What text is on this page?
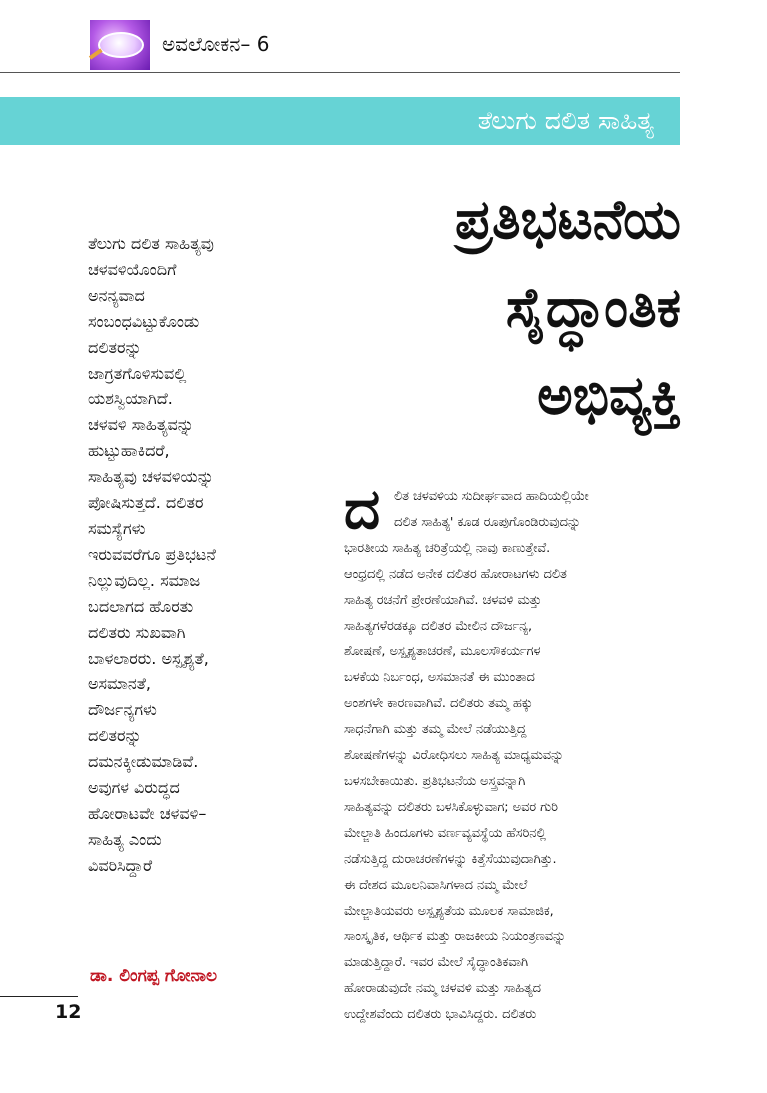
ಅವಲೋಕನ– 6
ತೆಲುಗು ದಲಿತ ಸಾಹಿತ್ಯ
ಪ್ರತಿಭಟನೆಯ
ಸೈದ್ಧಾಂತಿಕ
ಅಭಿವ್ಯಕ್ತಿ
ತೆಲುಗು ದಲಿತ ಸಾಹಿತ್ಯವು
ಚಳವಳಿಯೊಂದಿಗೆ
ಅನನ್ಯವಾದ
ಸಂಬಂಧವಿಟ್ಟುಕೊಂಡು
ದಲಿತರನ್ನು
ಜಾಗ್ರತಗೊಳಿಸುವಲ್ಲಿ
ಯಶಸ್ವಿಯಾಗಿದೆ.
ಚಳವಳಿ ಸಾಹಿತ್ಯವನ್ನು
ಹುಟ್ಟುಹಾಕಿದರೆ,
ಸಾಹಿತ್ಯವು ಚಳವಳಿಯನ್ನು
ಪೋಷಿಸುತ್ತದೆ. ದಲಿತರ
ಸಮಸ್ಯೆಗಳು
ಇರುವವರೆಗೂ ಪ್ರತಿಭಟನೆ
ನಿಲ್ಲುವುದಿಲ್ಲ. ಸಮಾಜ
ಬದಲಾಗದ ಹೊರತು
ದಲಿತರು ಸುಖವಾಗಿ
ಬಾಳಲಾರರು. ಅಸ್ಪೃಶ್ಯತೆ,
ಅಸಮಾನತೆ,
ದೌರ್ಜನ್ಯಗಳು
ದಲಿತರನ್ನು
ದಮನಕ್ಕೀಡುಮಾಡಿವೆ.
ಅವುಗಳ ವಿರುದ್ಧದ
ಹೋರಾಟವೇ ಚಳವಳಿ–
ಸಾಹಿತ್ಯ ಎಂದು
ವಿವರಿಸಿದ್ದಾರೆ
ಡಾ. ಲಿಂಗಪ್ಪ ಗೋನಾಲ
ದ	ಲಿತ ಚಳವಳಿಯ ಸುದೀರ್ಘವಾದ ಹಾದಿಯಲ್ಲಿಯೇ
ದಲಿತ ಸಾಹಿತ್ಯ' ಕೂಡ ರೂಪುಗೊಂಡಿರುವುದನ್ನು
ಭಾರತೀಯ ಸಾಹಿತ್ಯ ಚರಿತ್ರೆಯಲ್ಲಿ ನಾವು ಕಾಣುತ್ತೇವೆ.
ಆಂಧ್ರದಲ್ಲಿ ನಡೆದ ಅನೇಕ ದಲಿತರ ಹೋರಾಟಗಳು ದಲಿತ
ಸಾಹಿತ್ಯ ರಚನೆಗೆ ಪ್ರೇರಣೆಯಾಗಿವೆ. ಚಳವಳಿ ಮತ್ತು
ಸಾಹಿತ್ಯಗಳೆರಡಕ್ಕೂ ದಲಿತರ ಮೇಲಿನ ದೌರ್ಜನ್ಯ,
ಶೋಷಣೆ, ಅಸ್ಪೃಶ್ಯತಾಚರಣೆ, ಮೂಲಸೌಕರ್ಯಗಳ
ಬಳಕೆಯ ನಿರ್ಬಂಧ, ಅಸಮಾನತೆ ಈ ಮುಂತಾದ
ಅಂಶಗಳೇ ಕಾರಣವಾಗಿವೆ. ದಲಿತರು ತಮ್ಮ ಹಕ್ಕು
ಸಾಧನೆಗಾಗಿ ಮತ್ತು ತಮ್ಮ ಮೇಲೆ ನಡೆಯುತ್ತಿದ್ದ
ಶೋಷಣೆಗಳನ್ನು ವಿರೋಧಿಸಲು ಸಾಹಿತ್ಯ ಮಾಧ್ಯಮವನ್ನು
ಬಳಸಬೇಕಾಯಿತು. ಪ್ರತಿಭಟನೆಯ ಅಸ್ತ್ರವನ್ನಾಗಿ
ಸಾಹಿತ್ಯವನ್ನು ದಲಿತರು ಬಳಸಿಕೊಳ್ಳುವಾಗ; ಅವರ ಗುರಿ
ಮೇಲ್ಜಾತಿ ಹಿಂದೂಗಳು ವರ್ಣವ್ಯವಸ್ಥೆಯ ಹೆಸರಿನಲ್ಲಿ
ನಡೆಸುತ್ತಿದ್ದ ದುರಾಚರಣೆಗಳನ್ನು ಕಿತ್ತೆಸೆಯುವುದಾಗಿತ್ತು.
ಈ ದೇಶದ ಮೂಲನಿವಾಸಿಗಳಾದ ನಮ್ಮ ಮೇಲೆ
ಮೇಲ್ಜಾತಿಯವರು ಅಸ್ಪೃಶ್ಯತೆಯ ಮೂಲಕ ಸಾಮಾಜಿಕ,
ಸಾಂಸ್ಕೃತಿಕ, ಆರ್ಥಿಕ ಮತ್ತು ರಾಜಕೀಯ ನಿಯಂತ್ರಣವನ್ನು
ಮಾಡುತ್ತಿದ್ದಾರೆ. ಇವರ ಮೇಲೆ ಸೈದ್ಧಾಂತಿಕವಾಗಿ
ಹೋರಾಡುವುದೇ ನಮ್ಮ ಚಳವಳಿ ಮತ್ತು ಸಾಹಿತ್ಯದ
ಉದ್ದೇಶವೆಂದು ದಲಿತರು ಭಾವಿಸಿದ್ದರು. ದಲಿತರು
12
